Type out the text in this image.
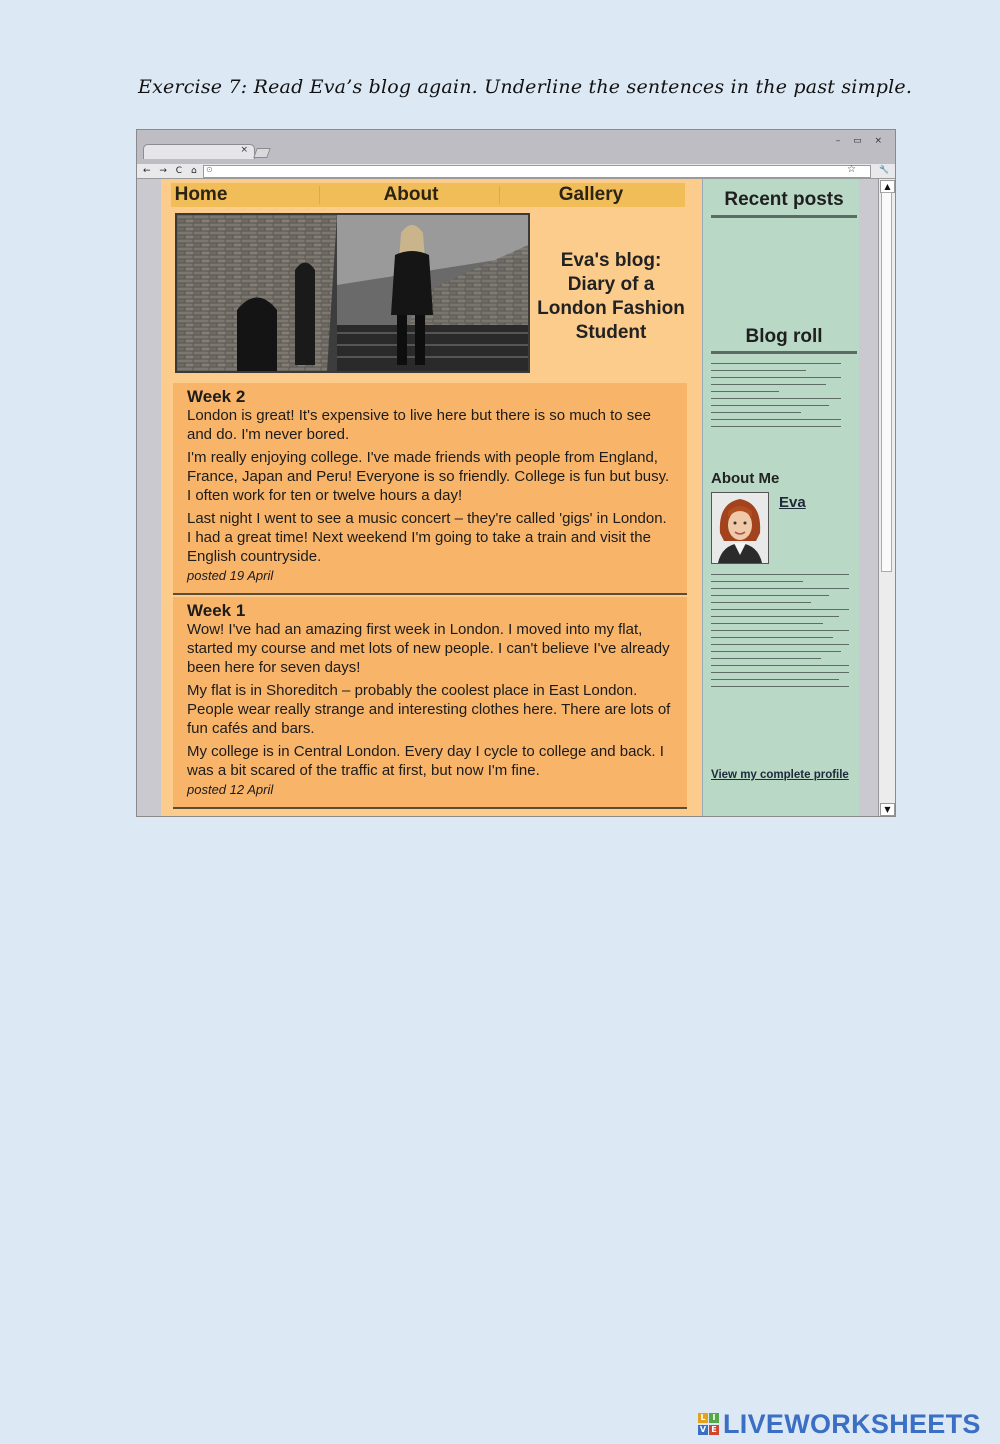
Exercise 7: Read Eva’s blog again. Underline the sentences in the past simple.
×
– ▭ ×
← → C ⌂ ⊙	☆	🔧
Home	About	Gallery
Eva's blog:
Diary of a
London Fashion
Student
Week 2

London is great! It's expensive to live here but there is so much to see and do. I'm never bored.

I'm really enjoying college. I've made friends with people from England, France, Japan and Peru! Everyone is so friendly. College is fun but busy. I often work for ten or twelve hours a day!

Last night I went to see a music concert – they're called 'gigs' in London. I had a great time! Next weekend I'm going to take a train and visit the English countryside.

posted 19 April
Week 1

Wow! I've had an amazing first week in London. I moved into my flat, started my course and met lots of new people. I can't believe I've already been here for seven days!

My flat is in Shoreditch – probably the coolest place in East London. People wear really strange and interesting clothes here. There are lots of fun cafés and bars.

My college is in Central London. Every day I cycle to college and back. I was a bit scared of the traffic at first, but now I'm fine.

posted 12 April
Recent posts
Blog roll
About Me
Eva
View my complete profile
▲
▼
L I
V E LIVEWORKSHEETS
